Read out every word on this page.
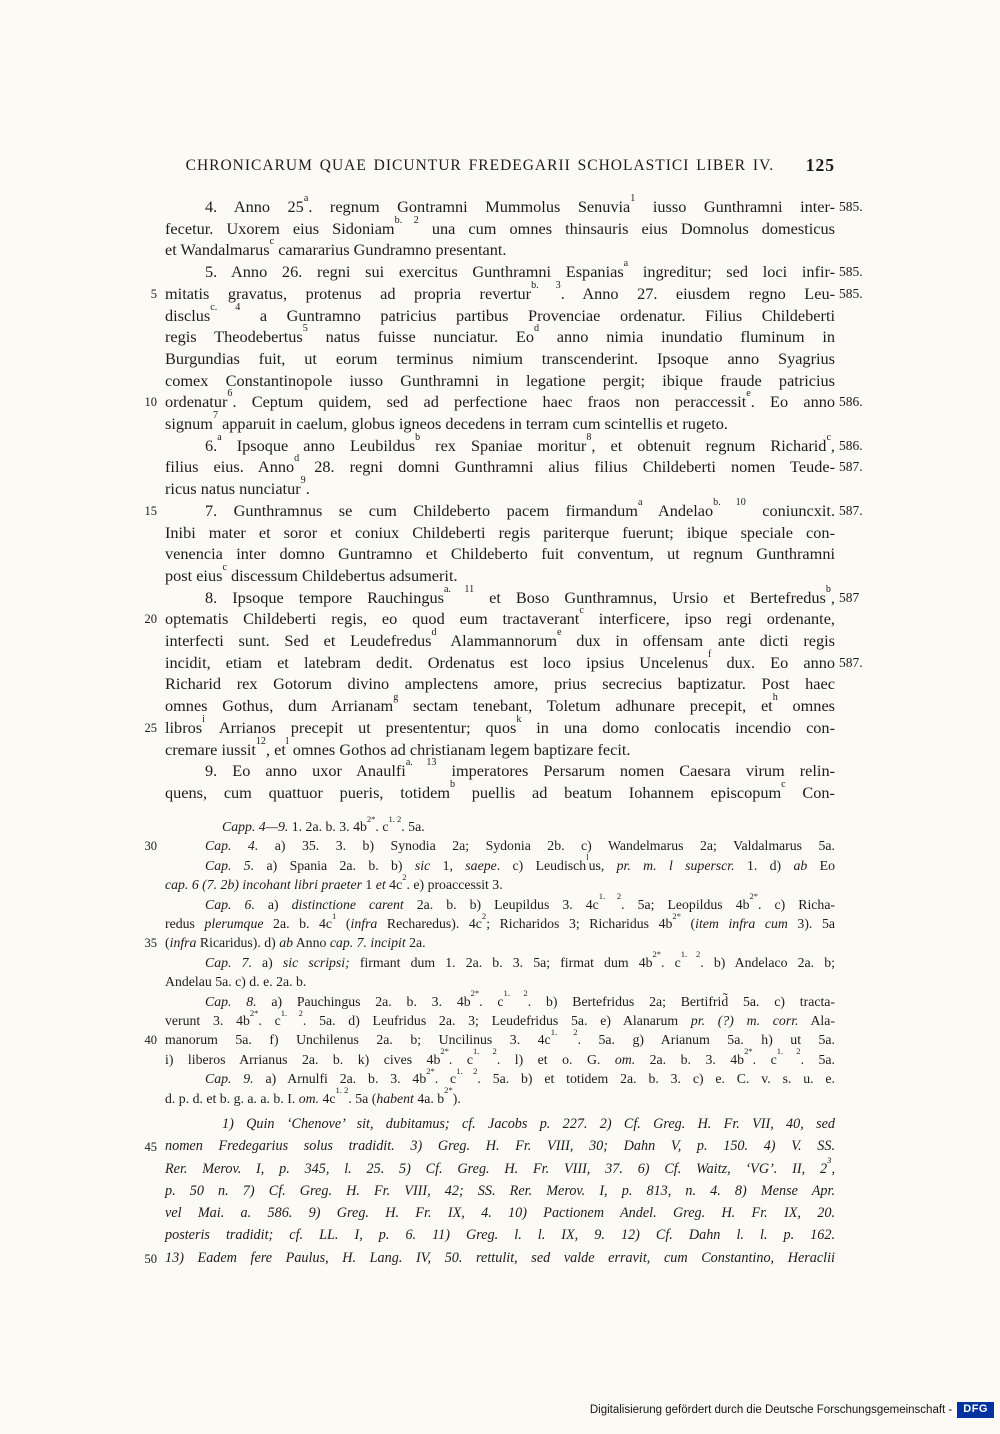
CHRONICARUM QUAE DICUNTUR FREDEGARII SCHOLASTICI LIBER IV. 125
4. Anno 25$^a$. regnum Gontramni Mummolus Senuvia$^1$ iusso Gunthramni inter- 585.
fecetur. Uxorem eius Sidoniam$^{b. 2}$ una cum omnes thinsauris eius Domnolus domesticus
et Wandalmarus$^c$ camararius Gundramno presentant.
5. Anno 26. regni sui exercitus Gunthramni Espanias$^a$ ingreditur; sed loci infir- 585.
mitatis gravatus, protenus ad propria revertur$^{b. 3}$. Anno 27. eiusdem regno Leu-
5	585.
disclus$^{c. 4}$ a Guntramno patricius partibus Provenciae ordenatur. Filius Childeberti
regis Theodebertus$^5$ natus fuisse nunciatur. Eo$^d$ anno nimia inundatio fluminum in
Burgundias fuit, ut eorum terminus nimium transcenderint. Ipsoque anno Syagrius
comex Constantinopole iusso Gunthramni in legatione pergit; ibique fraude patricius
ordenatur$^6$. Ceptum quidem, sed ad perfectione haec fraos non peraccessit$^e$. Eo anno
10	586.
signum$^7$ apparuit in caelum, globus igneos decedens in terram cum scintellis et rugeto.
6.$^a$ Ipsoque anno Leubildus$^b$ rex Spaniae moritur$^8$, et obtenuit regnum Richarid$^c$, 586.
filius eius. Anno$^d$ 28. regni domni Gunthramni alius filius Childeberti nomen Teude- 587.
ricus natus nunciatur$^9$.
7. Gunthramnus se cum Childeberto pacem firmandum$^a$ Andelao$^{b. 10}$ coniuncxit.
15	587.
Inibi mater et soror et coniux Childeberti regis pariterque fuerunt; ibique speciale con-
venencia inter domno Guntramno et Childeberto fuit conventum, ut regnum Gunthramni
post eius$^c$ discessum Childebertus adsumerit.
8. Ipsoque tempore Rauchingus$^{a. 11}$ et Boso Gunthramnus, Ursio et Bertefredus$^b$, 587
optematis Childeberti regis, eo quod eum tractaverant$^c$ interficere, ipso regi ordenante,
20
interfecti sunt. Sed et Leudefredus$^d$ Alammannorum$^e$ dux in offensam ante dicti regis
incidit, etiam et latebram dedit. Ordenatus est loco ipsius Uncelenus$^f$ dux. Eo anno 587.
Richarid rex Gotorum divino amplectens amore, prius secrecius baptizatur. Post haec
omnes Gothus, dum Arrianam$^g$ sectam tenebant, Toletum adhunare precepit, $et^h$ omnes
libros$^i$ Arrianos precepit ut presententur; quos$^k$ in una domo conlocatis incendio con-
25
cremare iussit$^{12}$, $et^l$ omnes Gothos ad christianam legem baptizare fecit.
9. Eo anno uxor Anaulfi$^{a. 13}$ imperatores Persarum nomen Caesara virum relin-
quens, cum quattuor pueris, totidem$^b$ puellis ad beatum Iohannem episcopum$^c$ Con-
Capp. 4—9. 1. 2a. b. 3. $4b^{2*}$. $c^{1. 2}$. 5a.
Cap. 4. a) 35. 3. b) Synodia 2a; Sydonia 2b. c) Wandelmarus 2a; Valdalmarus 5a.
30
Cap. 5. a) Spania 2a. b. b) sic 1, saepe. c) Leudisch$^l$us, pr. m. l superscr. 1. d) ab Eo
cap. 6 (7. 2b) incohant libri praeter 1 et $4c^2$. e) proaccessit 3.
Cap. 6. a) distinctione carent 2a. b. b) Leupildus 3. $4c^{1. 2}$. 5a; Leopildus $4b^{2*}$. c) Richa-
redus plerumque 2a. b. $4c^1$ (infra Recharedus). $4c^2$; Richaridos 3; Richaridus $4b^{2*}$ (item infra cum 3). 5a
(infra Ricaridus). d) ab Anno cap. 7. incipit 2a.
35
Cap. 7. a) sic scripsi; firmant dum 1. 2a. b. 3. 5a; firmat dum $4b^{2*}$. $c^{1. 2}$. b) Andelaco 2a. b;
Andelau 5a. c) d. e. 2a. b.
Cap. 8. a) Pauchingus 2a. b. 3. $4b^{2*}$. $c^{1. 2}$. b) Bertefridus 2a; Bertifrid̃ 5a. c) tracta-
verunt 3. $4b^{2*}$. $c^{1. 2}$. 5a. d) Leufridus 2a. 3; Leudefridus 5a. e) Alanarum pr. (?) m. corr. Ala-
manorum 5a. f) Unchilenus 2a. b; Uncilinus 3. $4c^{1. 2}$. 5a. g) Arianum 5a. h) ut 5a.
40
i) liberos Arrianus 2a. b. k) cives $4b^{2*}$. $c^{1. 2}$. l) et o. G. om. 2a. b. 3. $4b^{2*}$. $c^{1. 2}$. 5a.
Cap. 9. a) Arnulfi 2a. b. 3. $4b^{2*}$. $c^{1. 2}$. 5a. b) et totidem 2a. b. 3. c) e. C. v. s. u. e.
d. p. d. et b. g. a. a. b. I. om. $4c^{1. 2}$. 5a (habent 4a. $b^{2*}$).
1) Quin ‘Chenove’ sit, dubitamus; cf. Jacobs p. 227. 2) Cf. Greg. H. Fr. VII, 40, sed
nomen Fredegarius solus tradidit. 3) Greg. H. Fr. VIII, 30; Dahn V, p. 150. 4) V. SS.
45
Rer. Merov. I, p. 345, l. 25. 5) Cf. Greg. H. Fr. VIII, 37. 6) Cf. Waitz, ‘VG’. II, $2^3$,
p. 50 n. 7) Cf. Greg. H. Fr. VIII, 42; SS. Rer. Merov. I, p. 813, n. 4. 8) Mense Apr.
vel Mai. a. 586. 9) Greg. H. Fr. IX, 4. 10) Pactionem Andel. Greg. H. Fr. IX, 20.
posteris tradidit; cf. LL. I, p. 6. 11) Greg. l. l. IX, 9. 12) Cf. Dahn l. l. p. 162.
13) Eadem fere Paulus, H. Lang. IV, 50. rettulit, sed valde erravit, cum Constantino, Heraclii
50
Digitalisierung gefördert durch die Deutsche Forschungsgemeinschaft -	DFG
